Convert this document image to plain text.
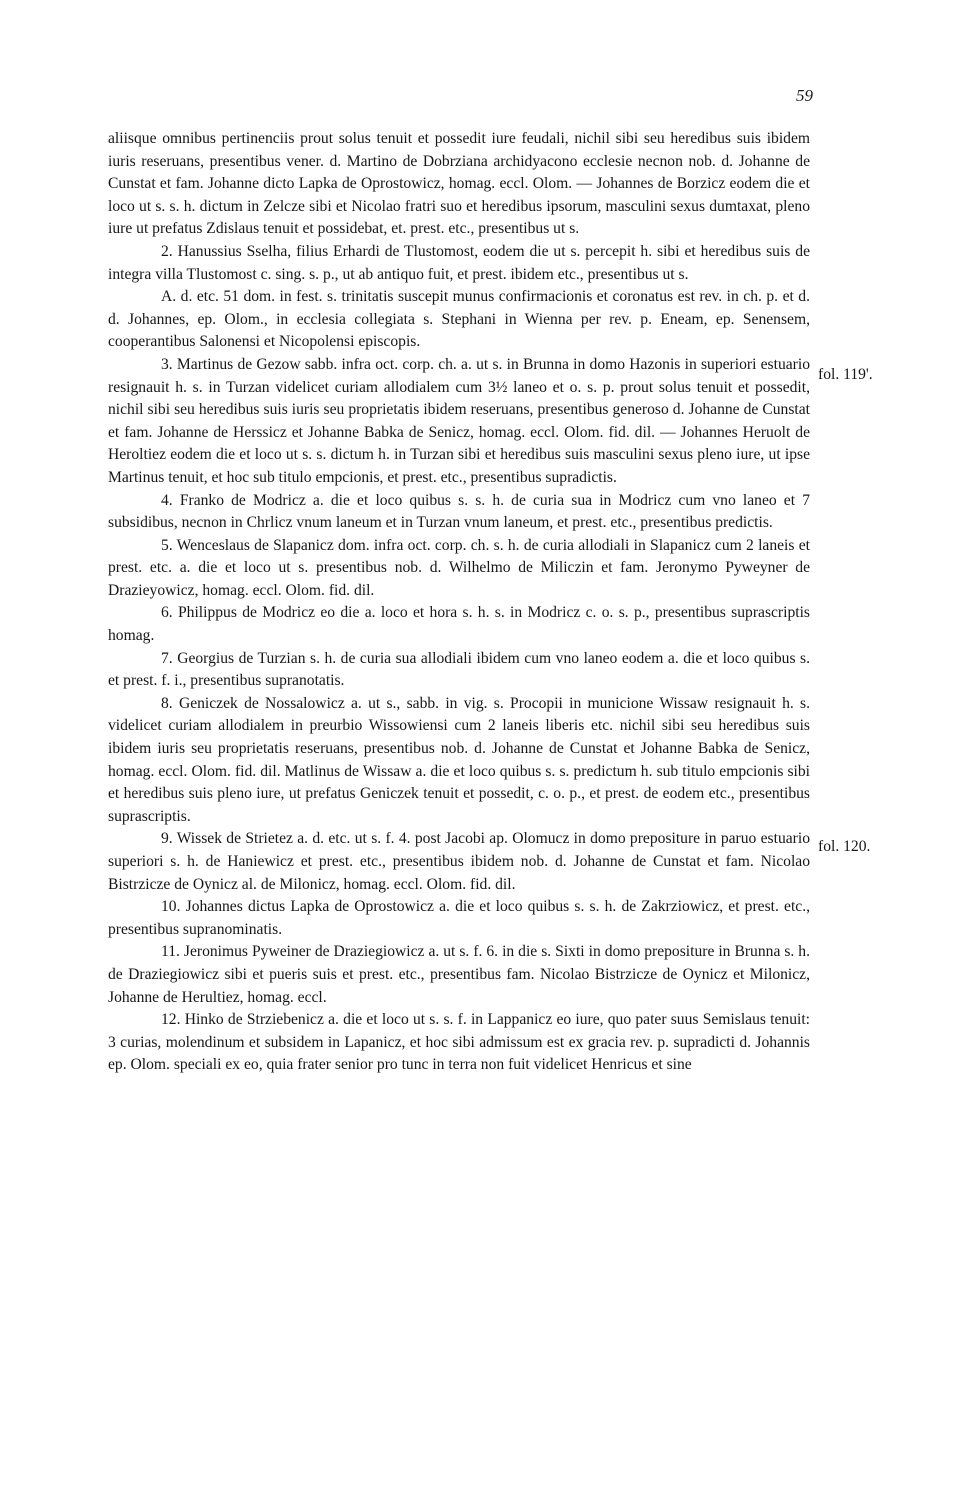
59

aliisque omnibus pertinenciis prout solus tenuit et possedit iure feudali, nichil sibi seu heredibus suis ibidem iuris reseruans, presentibus vener. d. Martino de Dobrziana archidyacono ecclesie necnon nob. d. Johanne de Cunstat et fam. Johanne dicto Lapka de Oprostowicz, homag. eccl. Olom. — Johannes de Borzicz eodem die et loco ut s. s. h. dictum in Zelcze sibi et Nicolao fratri suo et heredibus ipsorum, masculini sexus dumtaxat, pleno iure ut prefatus Zdislaus tenuit et possidebat, et. prest. etc., presentibus ut s.

2. Hanussius Sselha, filius Erhardi de Tlustomost, eodem die ut s. percepit h. sibi et heredibus suis de integra villa Tlustomost c. sing. s. p., ut ab antiquo fuit, et prest. ibidem etc., presentibus ut s.

A. d. etc. 51 dom. in fest. s. trinitatis suscepit munus confirmacionis et coronatus est rev. in ch. p. et d. d. Johannes, ep. Olom., in ecclesia collegiata s. Stephani in Wienna per rev. p. Eneam, ep. Senensem, cooperantibus Salonensi et Nicopolensi episcopis.

3. Martinus de Gezow sabb. infra oct. corp. ch. a. ut s. in Brunna in domo Hazonis in superiori estuario resignauit h. s. in Turzan videlicet curiam allodialem cum 3½ laneo et o. s. p. prout solus tenuit et possedit, nichil sibi seu heredibus suis iuris seu proprietatis ibidem reseruans, presentibus generoso d. Johanne de Cunstat et fam. Johanne de Herssicz et Johanne Babka de Senicz, homag. eccl. Olom. fid. dil. — Johannes Heruolt de Heroltiez eodem die et loco ut s. s. dictum h. in Turzan sibi et heredibus suis masculini sexus pleno iure, ut ipse Martinus tenuit, et hoc sub titulo empcionis, et prest. etc., presentibus supradictis.

4. Franko de Modricz a. die et loco quibus s. s. h. de curia sua in Modricz cum vno laneo et 7 subsidibus, necnon in Chrlicz vnum laneum et in Turzan vnum laneum, et prest. etc., presentibus predictis.

5. Wenceslaus de Slapanicz dom. infra oct. corp. ch. s. h. de curia allodiali in Slapanicz cum 2 laneis et prest. etc. a. die et loco ut s. presentibus nob. d. Wilhelmo de Miliczin et fam. Jeronymo Pyweyner de Drazieyowicz, homag. eccl. Olom. fid. dil.

6. Philippus de Modricz eo die a. loco et hora s. h. s. in Modricz c. o. s. p., presentibus suprascriptis homag.

7. Georgius de Turzian s. h. de curia sua allodiali ibidem cum vno laneo eodem a. die et loco quibus s. et prest. f. i., presentibus supranotatis.

8. Geniczek de Nossalowicz a. ut s., sabb. in vig. s. Procopii in municione Wissaw resignauit h. s. videlicet curiam allodialem in preurbio Wissowiensi cum 2 laneis liberis etc. nichil sibi seu heredibus suis ibidem iuris seu proprietatis reseruans, presentibus nob. d. Johanne de Cunstat et Johanne Babka de Senicz, homag. eccl. Olom. fid. dil. Matlinus de Wissaw a. die et loco quibus s. s. predictum h. sub titulo empcionis sibi et heredibus suis pleno iure, ut prefatus Geniczek tenuit et possedit, c. o. p., et prest. de eodem etc., presentibus suprascriptis.

9. Wissek de Strietez a. d. etc. ut s. f. 4. post Jacobi ap. Olomucz in domo prepositure in paruo estuario superiori s. h. de Haniewicz et prest. etc., presentibus ibidem nob. d. Johanne de Cunstat et fam. Nicolao Bistrzicze de Oynicz al. de Milonicz, homag. eccl. Olom. fid. dil.

10. Johannes dictus Lapka de Oprostowicz a. die et loco quibus s. s. h. de Zakrziowicz, et prest. etc., presentibus supranominatis.

11. Jeronimus Pyweiner de Draziegiowicz a. ut s. f. 6. in die s. Sixti in domo prepositure in Brunna s. h. de Draziegiowicz sibi et pueris suis et prest. etc., presentibus fam. Nicolao Bistrzicze de Oynicz et Milonicz, Johanne de Herultiez, homag. eccl.

12. Hinko de Strziebenicz a. die et loco ut s. s. f. in Lappanicz eo iure, quo pater suus Semislaus tenuit: 3 curias, molendinum et subsidem in Lapanicz, et hoc sibi admissum est ex gracia rev. p. supradicti d. Johannis ep. Olom. speciali ex eo, quia frater senior pro tunc in terra non fuit videlicet Henricus et sine

fol. 119'.
fol. 120.
